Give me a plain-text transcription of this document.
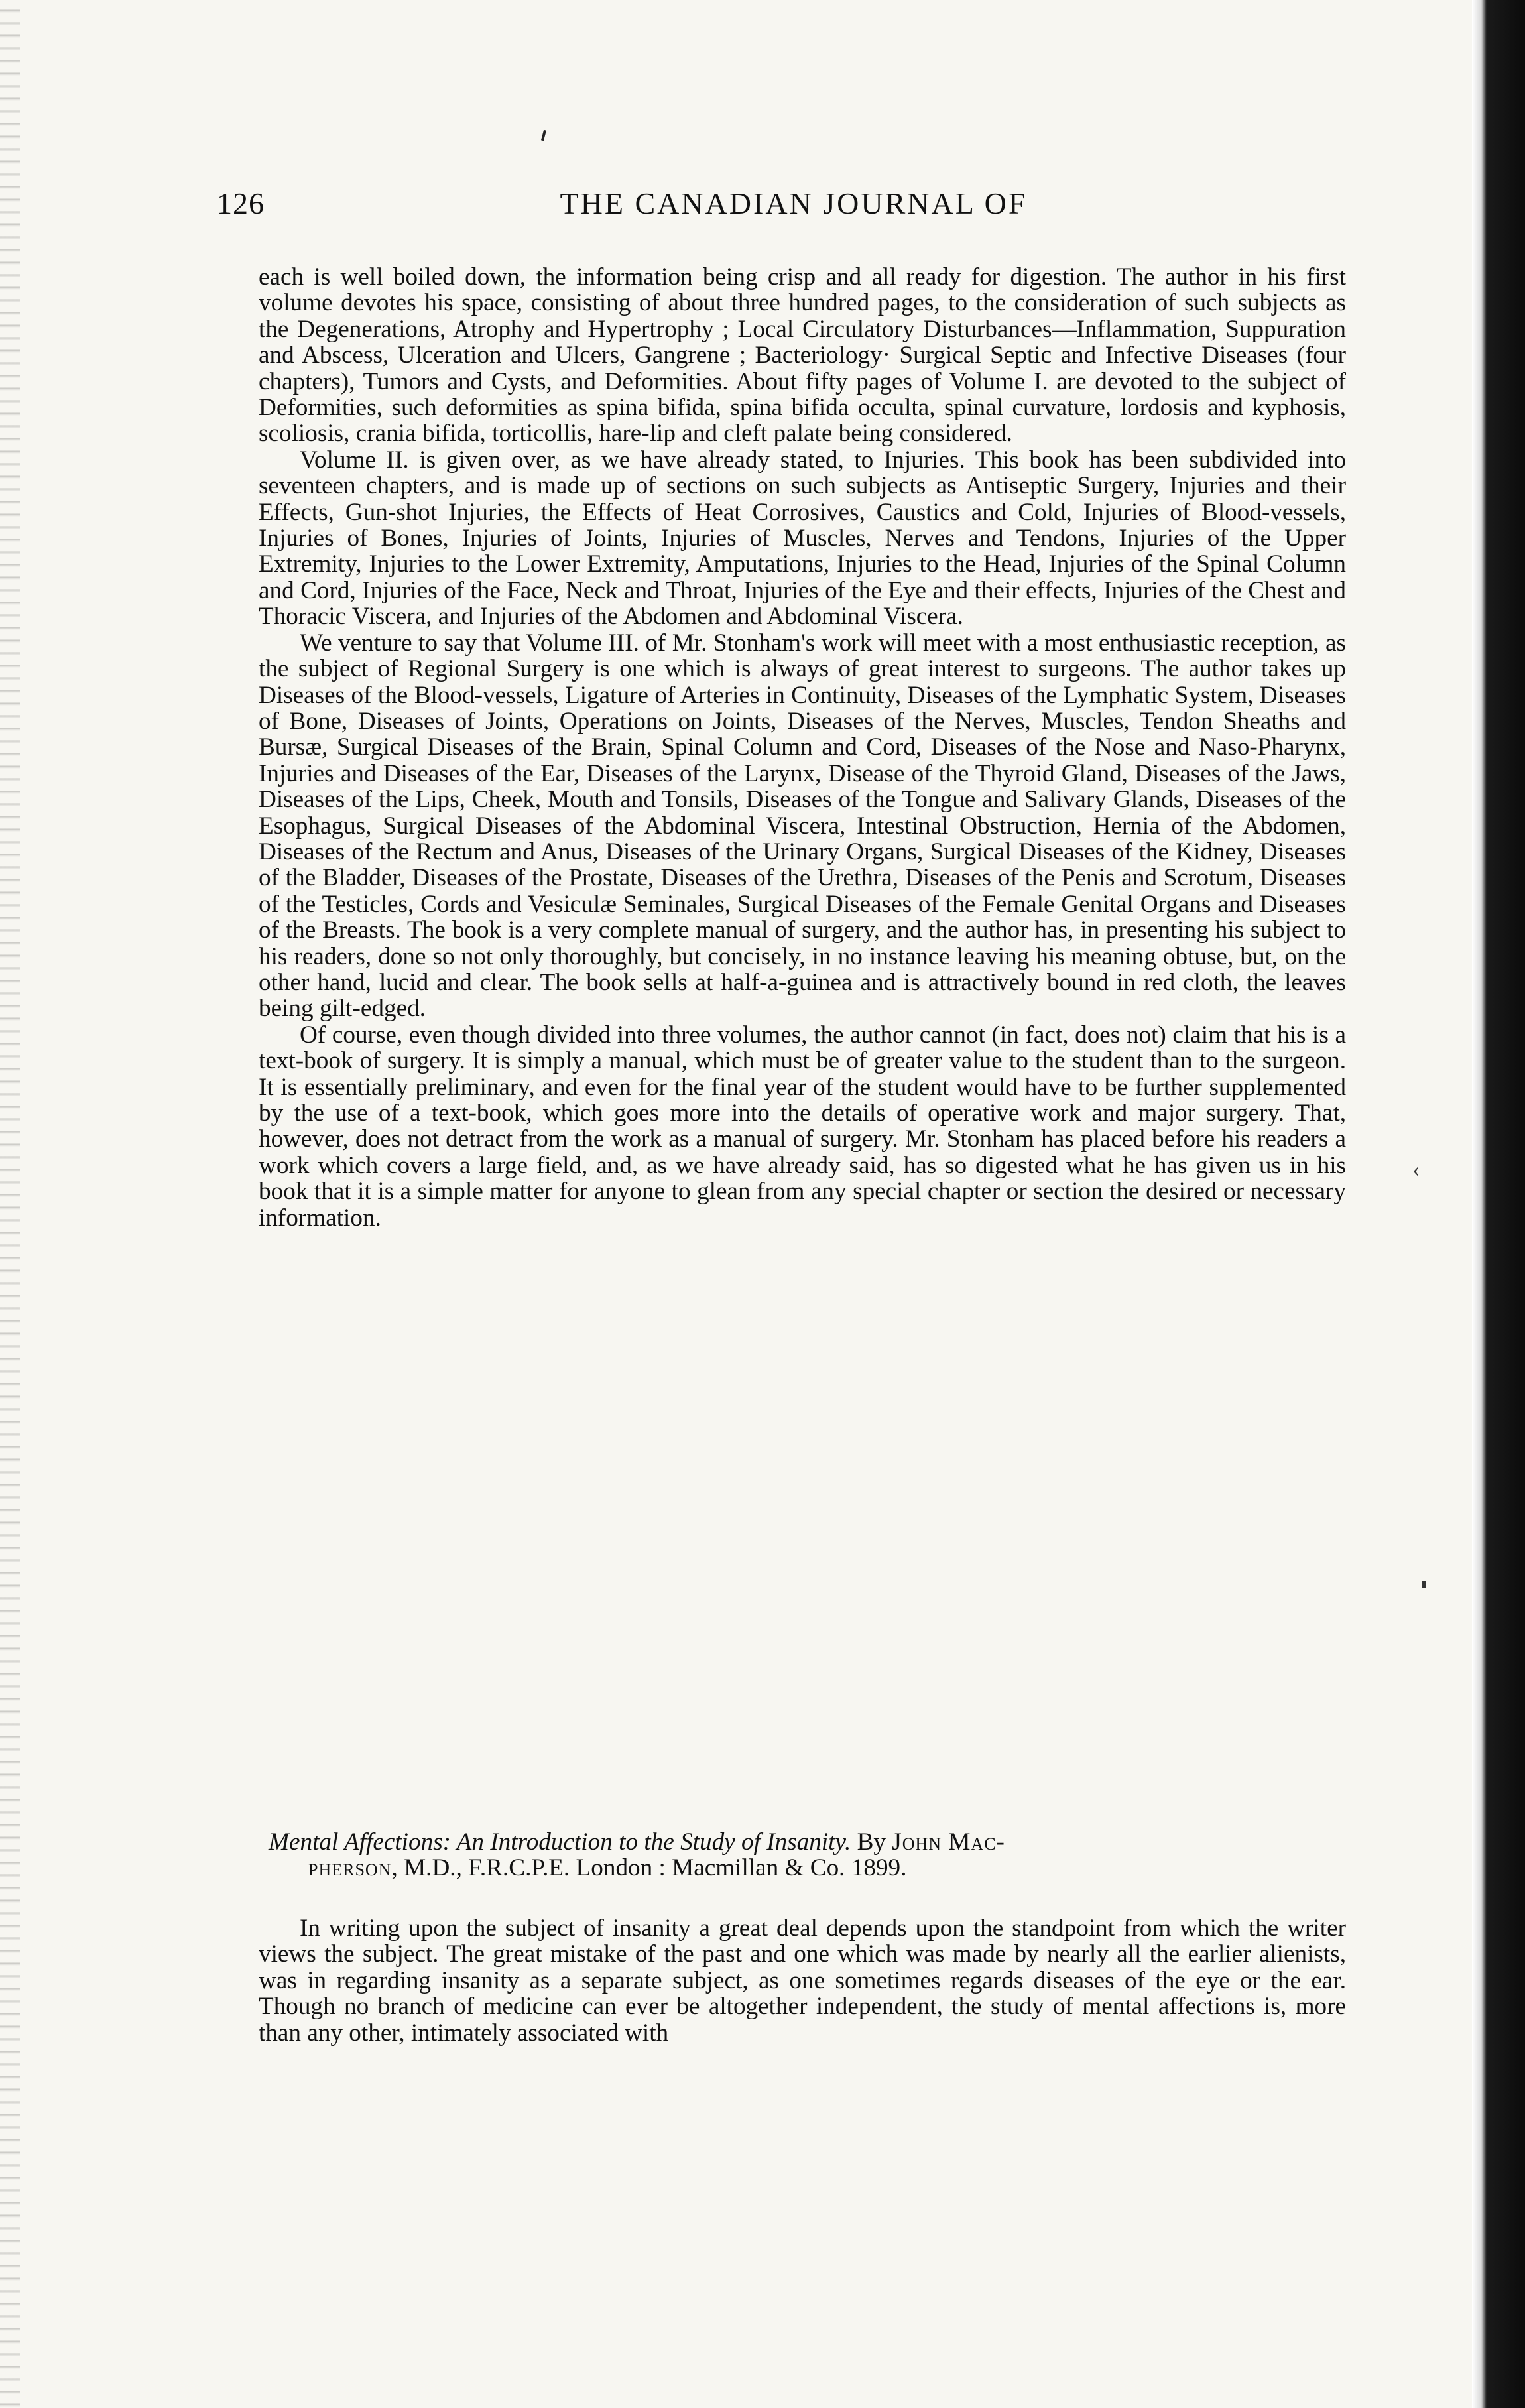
126	THE CANADIAN JOURNAL OF

each is well boiled down, the information being crisp and all ready for digestion. The author in his first volume devotes his space, consisting of about three hundred pages, to the consideration of such subjects as the Degenerations, Atrophy and Hypertrophy ; Local Circulatory Disturbances—Inflammation, Suppuration and Abscess, Ulceration and Ulcers, Gangrene ; Bacteriology· Surgical Septic and Infective Diseases (four chapters), Tumors and Cysts, and Deformities. About fifty pages of Volume I. are devoted to the subject of Deformities, such deformities as spina bifida, spina bifida occulta, spinal curvature, lordosis and kyphosis, scoliosis, crania bifida, torticollis, hare-lip and cleft palate being considered.

Volume II. is given over, as we have already stated, to Injuries. This book has been subdivided into seventeen chapters, and is made up of sections on such subjects as Antiseptic Surgery, Injuries and their Effects, Gun-shot Injuries, the Effects of Heat Corrosives, Caustics and Cold, Injuries of Blood-vessels, Injuries of Bones, Injuries of Joints, Injuries of Muscles, Nerves and Tendons, Injuries of the Upper Extremity, Injuries to the Lower Extremity, Amputations, Injuries to the Head, Injuries of the Spinal Column and Cord, Injuries of the Face, Neck and Throat, Injuries of the Eye and their effects, Injuries of the Chest and Thoracic Viscera, and Injuries of the Abdomen and Abdominal Viscera.

We venture to say that Volume III. of Mr. Stonham's work will meet with a most enthusiastic reception, as the subject of Regional Surgery is one which is always of great interest to surgeons. The author takes up Diseases of the Blood-vessels, Ligature of Arteries in Continuity, Diseases of the Lymphatic System, Diseases of Bone, Diseases of Joints, Operations on Joints, Diseases of the Nerves, Muscles, Tendon Sheaths and Bursæ, Surgical Diseases of the Brain, Spinal Column and Cord, Diseases of the Nose and Naso-Pharynx, Injuries and Diseases of the Ear, Diseases of the Larynx, Disease of the Thyroid Gland, Diseases of the Jaws, Diseases of the Lips, Cheek, Mouth and Tonsils, Diseases of the Tongue and Salivary Glands, Diseases of the Esophagus, Surgical Diseases of the Abdominal Viscera, Intestinal Obstruction, Hernia of the Abdomen, Diseases of the Rectum and Anus, Diseases of the Urinary Organs, Surgical Diseases of the Kidney, Diseases of the Bladder, Diseases of the Prostate, Diseases of the Urethra, Diseases of the Penis and Scrotum, Diseases of the Testicles, Cords and Vesiculæ Seminales, Surgical Diseases of the Female Genital Organs and Diseases of the Breasts. The book is a very complete manual of surgery, and the author has, in presenting his subject to his readers, done so not only thoroughly, but concisely, in no instance leaving his meaning obtuse, but, on the other hand, lucid and clear. The book sells at half-a-guinea and is attractively bound in red cloth, the leaves being gilt-edged.

Of course, even though divided into three volumes, the author cannot (in fact, does not) claim that his is a text-book of surgery. It is simply a manual, which must be of greater value to the student than to the surgeon. It is essentially preliminary, and even for the final year of the student would have to be further supplemented by the use of a text-book, which goes more into the details of operative work and major surgery. That, however, does not detract from the work as a manual of surgery. Mr. Stonham has placed before his readers a work which covers a large field, and, as we have already said, has so digested what he has given us in his book that it is a simple matter for anyone to glean from any special chapter or section the desired or necessary information.

‹
Mental Affections: An Introduction to the Study of Insanity. By John Mac-
pherson, M.D., F.R.C.P.E. London : Macmillan & Co. 1899.

In writing upon the subject of insanity a great deal depends upon the standpoint from which the writer views the subject. The great mistake of the past and one which was made by nearly all the earlier alienists, was in regarding insanity as a separate subject, as one sometimes regards diseases of the eye or the ear. Though no branch of medicine can ever be altogether independent, the study of mental affections is, more than any other, intimately associated with
